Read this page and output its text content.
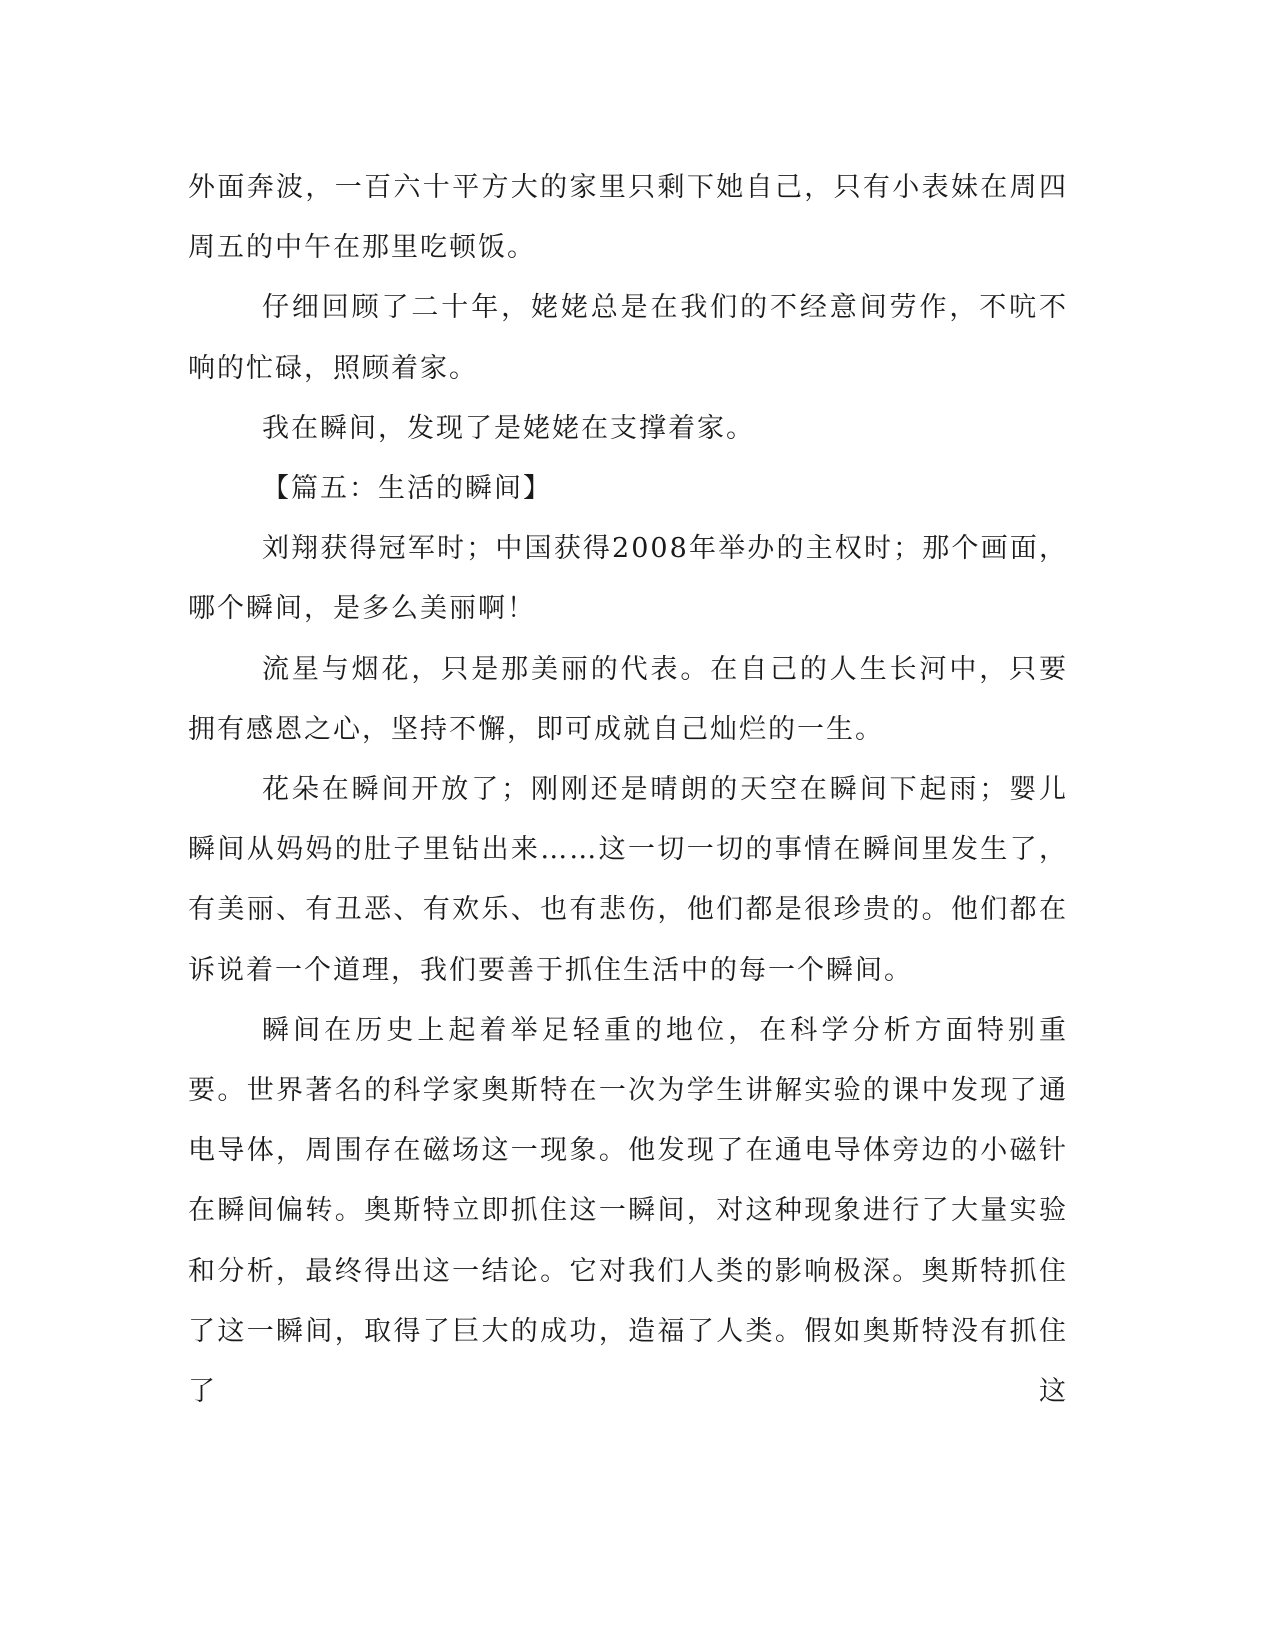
外面奔波，一百六十平方大的家里只剩下她自己，只有小表妹在周四周五的中午在那里吃顿饭。

仔细回顾了二十年，姥姥总是在我们的不经意间劳作，不吭不响的忙碌，照顾着家。

我在瞬间，发现了是姥姥在支撑着家。

【篇五：生活的瞬间】

刘翔获得冠军时；中国获得2008年举办的主权时；那个画面，哪个瞬间，是多么美丽啊！

流星与烟花，只是那美丽的代表。在自己的人生长河中，只要拥有感恩之心，坚持不懈，即可成就自己灿烂的一生。

花朵在瞬间开放了；刚刚还是晴朗的天空在瞬间下起雨；婴儿瞬间从妈妈的肚子里钻出来……这一切一切的事情在瞬间里发生了，有美丽、有丑恶、有欢乐、也有悲伤，他们都是很珍贵的。他们都在诉说着一个道理，我们要善于抓住生活中的每一个瞬间。

瞬间在历史上起着举足轻重的地位，在科学分析方面特别重要。世界著名的科学家奥斯特在一次为学生讲解实验的课中发现了通电导体，周围存在磁场这一现象。他发现了在通电导体旁边的小磁针在瞬间偏转。奥斯特立即抓住这一瞬间，对这种现象进行了大量实验和分析，最终得出这一结论。它对我们人类的影响极深。奥斯特抓住了这一瞬间，取得了巨大的成功，造福了人类。假如奥斯特没有抓住了这
